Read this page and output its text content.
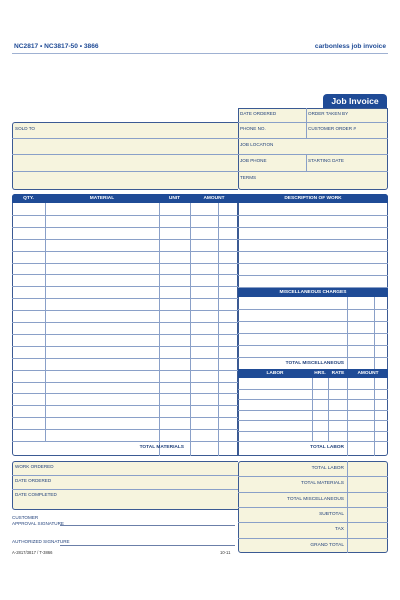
NC2817 • NC3817-50 • 3866	carbonless job invoice
Job Invoice
DATE ORDERED	ORDER TAKEN BY
PHONE NO.	CUSTOMER ORDER #
JOB LOCATION
JOB PHONE	STARTING DATE
TERMS
SOLD TO
QTY.	MATERIAL	UNIT	AMOUNT
TOTAL MATERIALS
DESCRIPTION OF WORK
MISCELLANEOUS CHARGES
TOTAL MISCELLANEOUS
LABOR	HRS.	RATE	AMOUNT
TOTAL LABOR
WORK ORDERED
DATE ORDERED
DATE COMPLETED
TOTAL LABOR
TOTAL MATERIALS
TOTAL MISCELLANEOUS
SUBTOTAL
TAX
GRAND TOTAL
CUSTOMER
APPROVAL SIGNATURE
AUTHORIZED SIGNATURE
A-2817/3817 / T-3866	10-11
